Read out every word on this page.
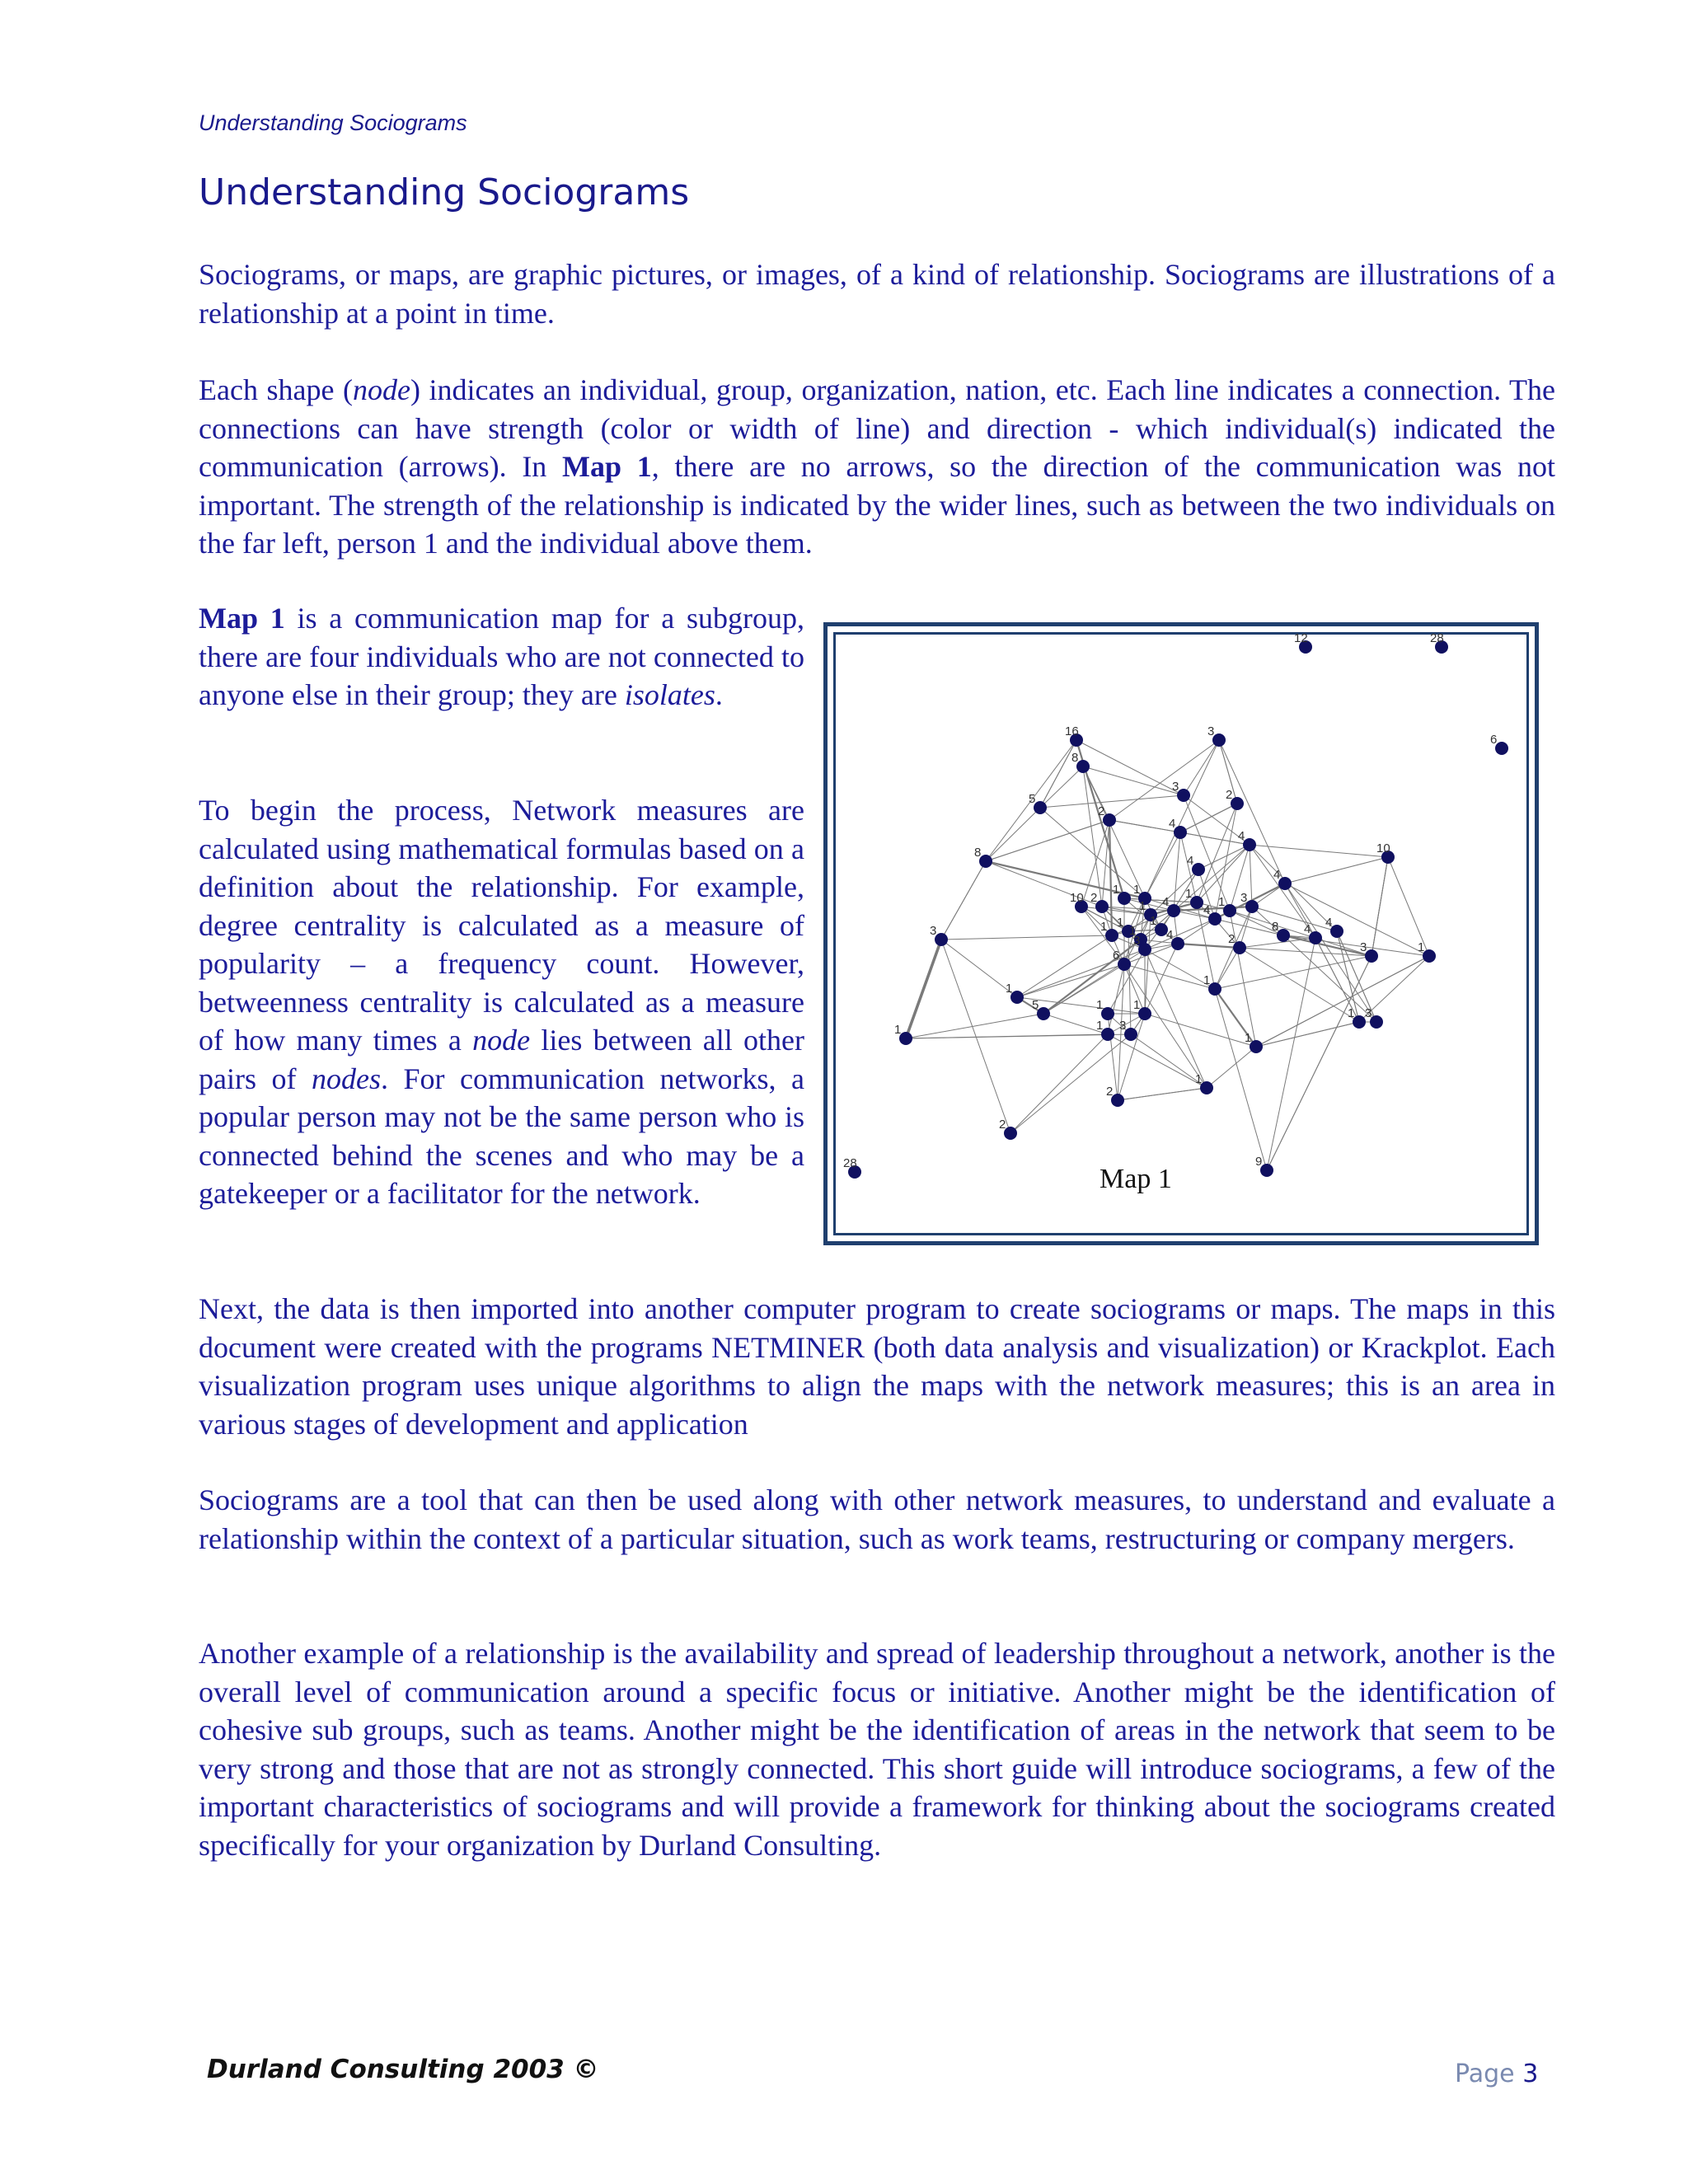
Understanding Sociograms
Understanding Sociograms

Sociograms, or maps, are graphic pictures, or images, of a kind of relationship. Sociograms are illustrations of a relationship at a point in time.

Each shape (node) indicates an individual, group, organization, nation, etc. Each line indicates a connection. The connections can have strength (color or width of line) and direction - which individual(s) indicated the communication (arrows). In Map 1, there are no arrows, so the direction of the communication was not important. The strength of the relationship is indicated by the wider lines, such as between the two individuals on the far left, person 1 and the individual above them.

Map 1 is a communication map for a subgroup, there are four individuals who are not connected to anyone else in their group; they are isolates.

To begin the process, Network measures are calculated using mathematical formulas based on a definition about the relationship. For example, degree centrality is calculated as a measure of popularity – a frequency count. However, betweenness centrality is calculated as a measure of how many times a node lies between all other pairs of nodes. For communication networks, a popular person may not be the same person who is connected behind the scenes and who may be a gatekeeper or a facilitator for the network.

12	28
6
16	3
8
5
2
3
2
4
8
4
10
4
4
10 2
1 1
1 4
1
4
1 3
3	1 1
1
1
3 4	2
8 4 4
3
6
1
1
1
1 1
1
5
1 3
1 3
1
1
2
2
9
28
Map 1

Next, the data is then imported into another computer program to create sociograms or maps. The maps in this document were created with the programs NETMINER (both data analysis and visualization) or Krackplot. Each visualization program uses unique algorithms to align the maps with the network measures; this is an area in various stages of development and application

Sociograms are a tool that can then be used along with other network measures, to understand and evaluate a relationship within the context of a particular situation, such as work teams, restructuring or company mergers.

Another example of a relationship is the availability and spread of leadership throughout a network, another is the overall level of communication around a specific focus or initiative. Another might be the identification of cohesive sub groups, such as teams. Another might be the identification of areas in the network that seem to be very strong and those that are not as strongly connected. This short guide will introduce sociograms, a few of the important characteristics of sociograms and will provide a framework for thinking about the sociograms created specifically for your organization by Durland Consulting.

Durland Consulting 2003 ©	Page 3
